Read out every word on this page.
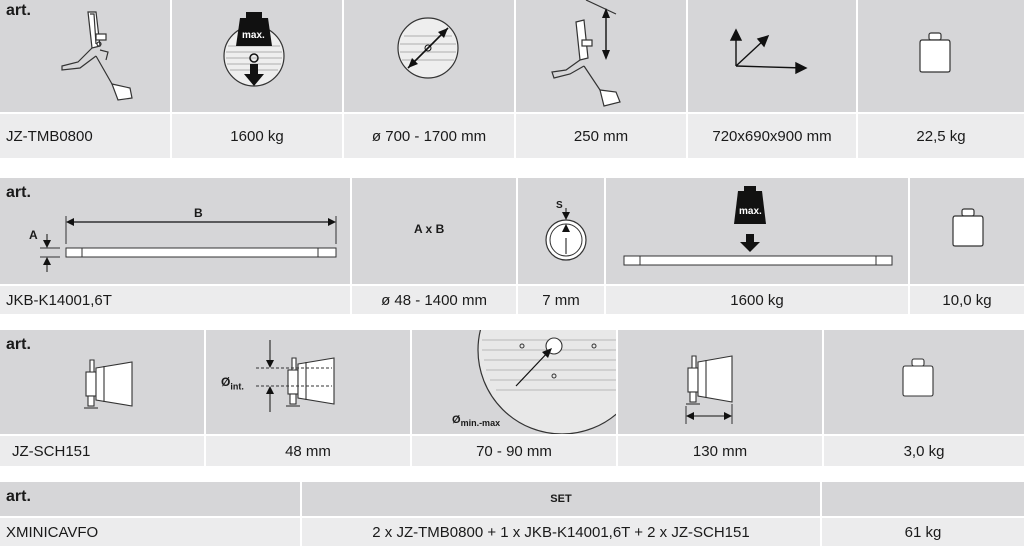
art.
max.
JZ-TMB0800	1600 kg	ø 700 - 1700 mm	250 mm	720x690x900 mm	22,5 kg
art.
B
A	A x B
S
max.
JKB-K14001,6T	ø 48 - 1400 mm	7 mm	1600 kg	10,0 kg
art.
$Ø_{int.}$
$Ø_{min.-max}$
JZ-SCH151	48 mm	70 - 90 mm	130 mm	3,0 kg
art.	SET
XMINICAVFO	2 x JZ-TMB0800 + 1 x JKB-K14001,6T + 2 x JZ-SCH151	61 kg
